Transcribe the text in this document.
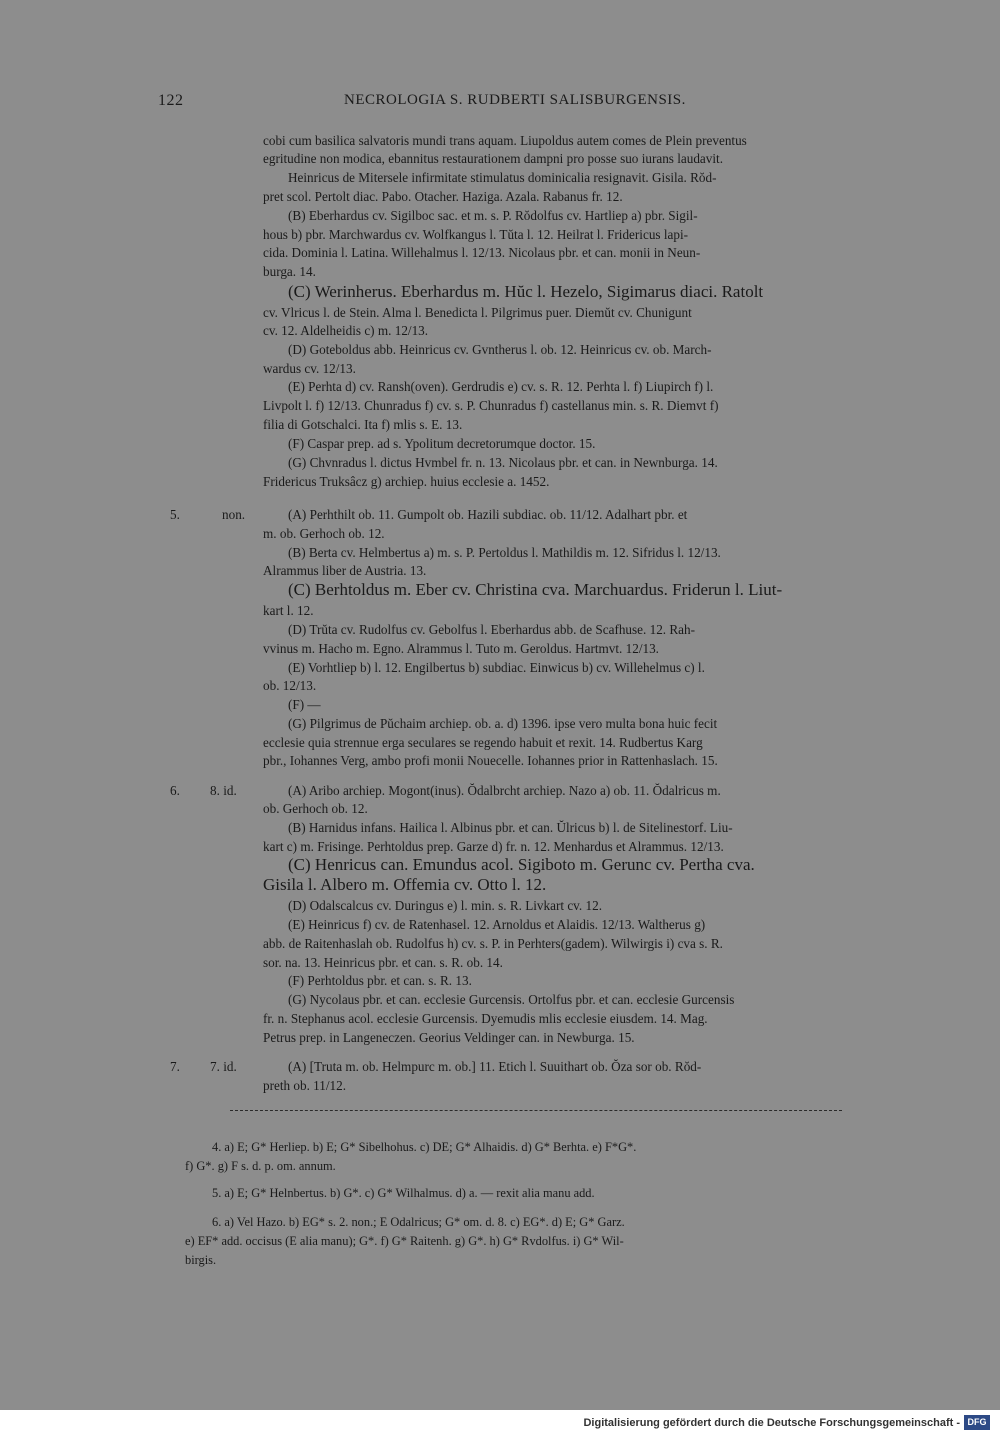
122	NECROLOGIA S. RUDBERTI SALISBURGENSIS.
cobi cum basilica salvatoris mundi trans aquam. Liupoldus autem comes de Plein preventus
egritudine non modica, ebannitus restaurationem dampni pro posse suo iurans laudavit.
Heinricus de Mitersele infirmitate stimulatus dominicalia resignavit. Gisila. Rŏd-
pret scol. Pertolt diac. Pabo. Otacher. Haziga. Azala. Rabanus fr. 12.
(B) Eberhardus cv. Sigilboc sac. et m. s. P. Rŏdolfus cv. Hartliep a) pbr. Sigil-
hous b) pbr. Marchwardus cv. Wolfkangus l. Tŭta l. 12. Heilrat l. Fridericus lapi-
cida. Dominia l. Latina. Willehalmus l. 12/13. Nicolaus pbr. et can. monii in Neun-
burga. 14.
(C) Werinherus. Eberhardus m. Hŭc l. Hezelo, Sigimarus diaci. Ratolt
cv. Vlricus l. de Stein. Alma l. Benedicta l. Pilgrimus puer. Diemŭt cv. Chunigunt
cv. 12. Aldelheidis c) m. 12/13.
(D) Goteboldus abb. Heinricus cv. Gvntherus l. ob. 12. Heinricus cv. ob. March-
wardus cv. 12/13.
(E) Perhta d) cv. Ransh(oven). Gerdrudis e) cv. s. R. 12. Perhta l. f) Liupirch f) l.
Livpolt l. f) 12/13. Chunradus f) cv. s. P. Chunradus f) castellanus min. s. R. Diemvt f)
filia di Gotschalci. Ita f) mlis s. E. 13.
(F) Caspar prep. ad s. Ypolitum decretorumque doctor. 15.
(G) Chvnradus l. dictus Hvmbel fr. n. 13. Nicolaus pbr. et can. in Newnburga. 14.
Fridericus Truksâcz g) archiep. huius ecclesie a. 1452.
5.	non.	(A) Perhthilt ob. 11. Gumpolt ob. Hazili subdiac. ob. 11/12. Adalhart pbr. et
m. ob. Gerhoch ob. 12.
(B) Berta cv. Helmbertus a) m. s. P. Pertoldus l. Mathildis m. 12. Sifridus l. 12/13.
Alrammus liber de Austria. 13.
(C) Berhtoldus m. Eber cv. Christina cva. Marchuardus. Friderun l. Liut-
kart l. 12.
(D) Trŭta cv. Rudolfus cv. Gebolfus l. Eberhardus abb. de Scafhuse. 12. Rah-
vvinus m. Hacho m. Egno. Alrammus l. Tuto m. Geroldus. Hartmvt. 12/13.
(E) Vorhtliep b) l. 12. Engilbertus b) subdiac. Einwicus b) cv. Willehelmus c) l.
ob. 12/13.
(F) —
(G) Pilgrimus de Pŭchaim archiep. ob. a. d) 1396. ipse vero multa bona huic fecit
ecclesie quia strennue erga seculares se regendo habuit et rexit. 14. Rudbertus Karg
pbr., Iohannes Verg, ambo profi monii Nouecelle. Iohannes prior in Rattenhaslach. 15.
6. 8. id.	(A) Aribo archiep. Mogont(inus). Ŏdalbrcht archiep. Nazo a) ob. 11. Ŏdalricus m.
ob. Gerhoch ob. 12.
(B) Harnidus infans. Hailica l. Albinus pbr. et can. Ŭlricus b) l. de Sitelinestorf. Liu-
kart c) m. Frisinge. Perhtoldus prep. Garze d) fr. n. 12. Menhardus et Alrammus. 12/13.
(C) Henricus can. Emundus acol. Sigiboto m. Gerunc cv. Pertha cva.
Gisila l. Albero m. Offemia cv. Otto l. 12.
(D) Odalscalcus cv. Duringus e) l. min. s. R. Livkart cv. 12.
(E) Heinricus f) cv. de Ratenhasel. 12. Arnoldus et Alaidis. 12/13. Waltherus g)
abb. de Raitenhaslah ob. Rudolfus h) cv. s. P. in Perhters(gadem). Wilwirgis i) cva s. R.
sor. na. 13. Heinricus pbr. et can. s. R. ob. 14.
(F) Perhtoldus pbr. et can. s. R. 13.
(G) Nycolaus pbr. et can. ecclesie Gurcensis. Ortolfus pbr. et can. ecclesie Gurcensis
fr. n. Stephanus acol. ecclesie Gurcensis. Dyemudis mlis ecclesie eiusdem. 14. Mag.
Petrus prep. in Langeneczen. Georius Veldinger can. in Newburga. 15.
7. 7. id.	(A) [Truta m. ob. Helmpurc m. ob.] 11. Etich l. Suuithart ob. Ŏza sor ob. Rŏd-
preth ob. 11/12.
4. a) E; G* Herliep. b) E; G* Sibelhohus. c) DE; G* Alhaidis. d) G* Berhta. e) F*G*.
f) G*. g) F s. d. p. om. annum.
5. a) E; G* Helnbertus. b) G*. c) G* Wilhalmus. d) a. — rexit alia manu add.
6. a) Vel Hazo. b) EG* s. 2. non.; E Odalricus; G* om. d. 8. c) EG*. d) E; G* Garz.
e) EF* add. occisus (E alia manu); G*. f) G* Raitenh. g) G*. h) G* Rvdolfus. i) G* Wil-
birgis.
Digitalisierung gefördert durch die Deutsche Forschungsgemeinschaft - DFG
